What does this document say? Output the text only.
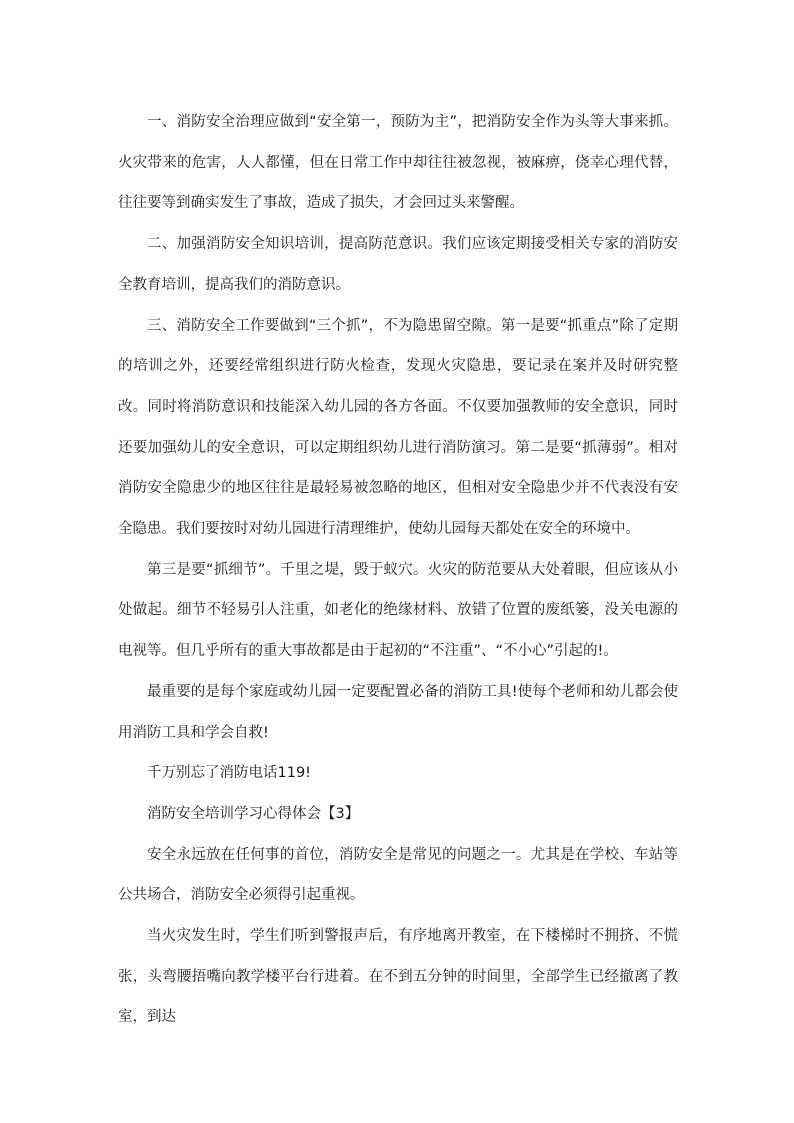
一、消防安全治理应做到“安全第一，预防为主”，把消防安全作为头等大事来抓。火灾带来的危害，人人都懂，但在日常工作中却往往被忽视，被麻痹，侥幸心理代替，往往要等到确实发生了事故，造成了损失，才会回过头来警醒。

二、加强消防安全知识培训，提高防范意识。我们应该定期接受相关专家的消防安全教育培训，提高我们的消防意识。

三、消防安全工作要做到“三个抓”，不为隐患留空隙。第一是要“抓重点”除了定期的培训之外，还要经常组织进行防火检查，发现火灾隐患，要记录在案并及时研究整改。同时将消防意识和技能深入幼儿园的各方各面。不仅要加强教师的安全意识，同时还要加强幼儿的安全意识，可以定期组织幼儿进行消防演习。第二是要“抓薄弱”。相对消防安全隐患少的地区往往是最轻易被忽略的地区，但相对安全隐患少并不代表没有安全隐患。我们要按时对幼儿园进行清理维护，使幼儿园每天都处在安全的环境中。

第三是要“抓细节”。千里之堤，毁于蚁穴。火灾的防范要从大处着眼，但应该从小处做起。细节不轻易引人注重，如老化的绝缘材料、放错了位置的废纸篓，没关电源的电视等。但几乎所有的重大事故都是由于起初的“不注重”、“不小心”引起的!。

最重要的是每个家庭或幼儿园一定要配置必备的消防工具!使每个老师和幼儿都会使用消防工具和学会自救!

千万别忘了消防电话119!

消防安全培训学习心得体会【3】

安全永远放在任何事的首位，消防安全是常见的问题之一。尤其是在学校、车站等公共场合，消防安全必须得引起重视。

当火灾发生时，学生们听到警报声后，有序地离开教室，在下楼梯时不拥挤、不慌张，头弯腰捂嘴向教学楼平台行进着。在不到五分钟的时间里，全部学生已经撤离了教室，到达
